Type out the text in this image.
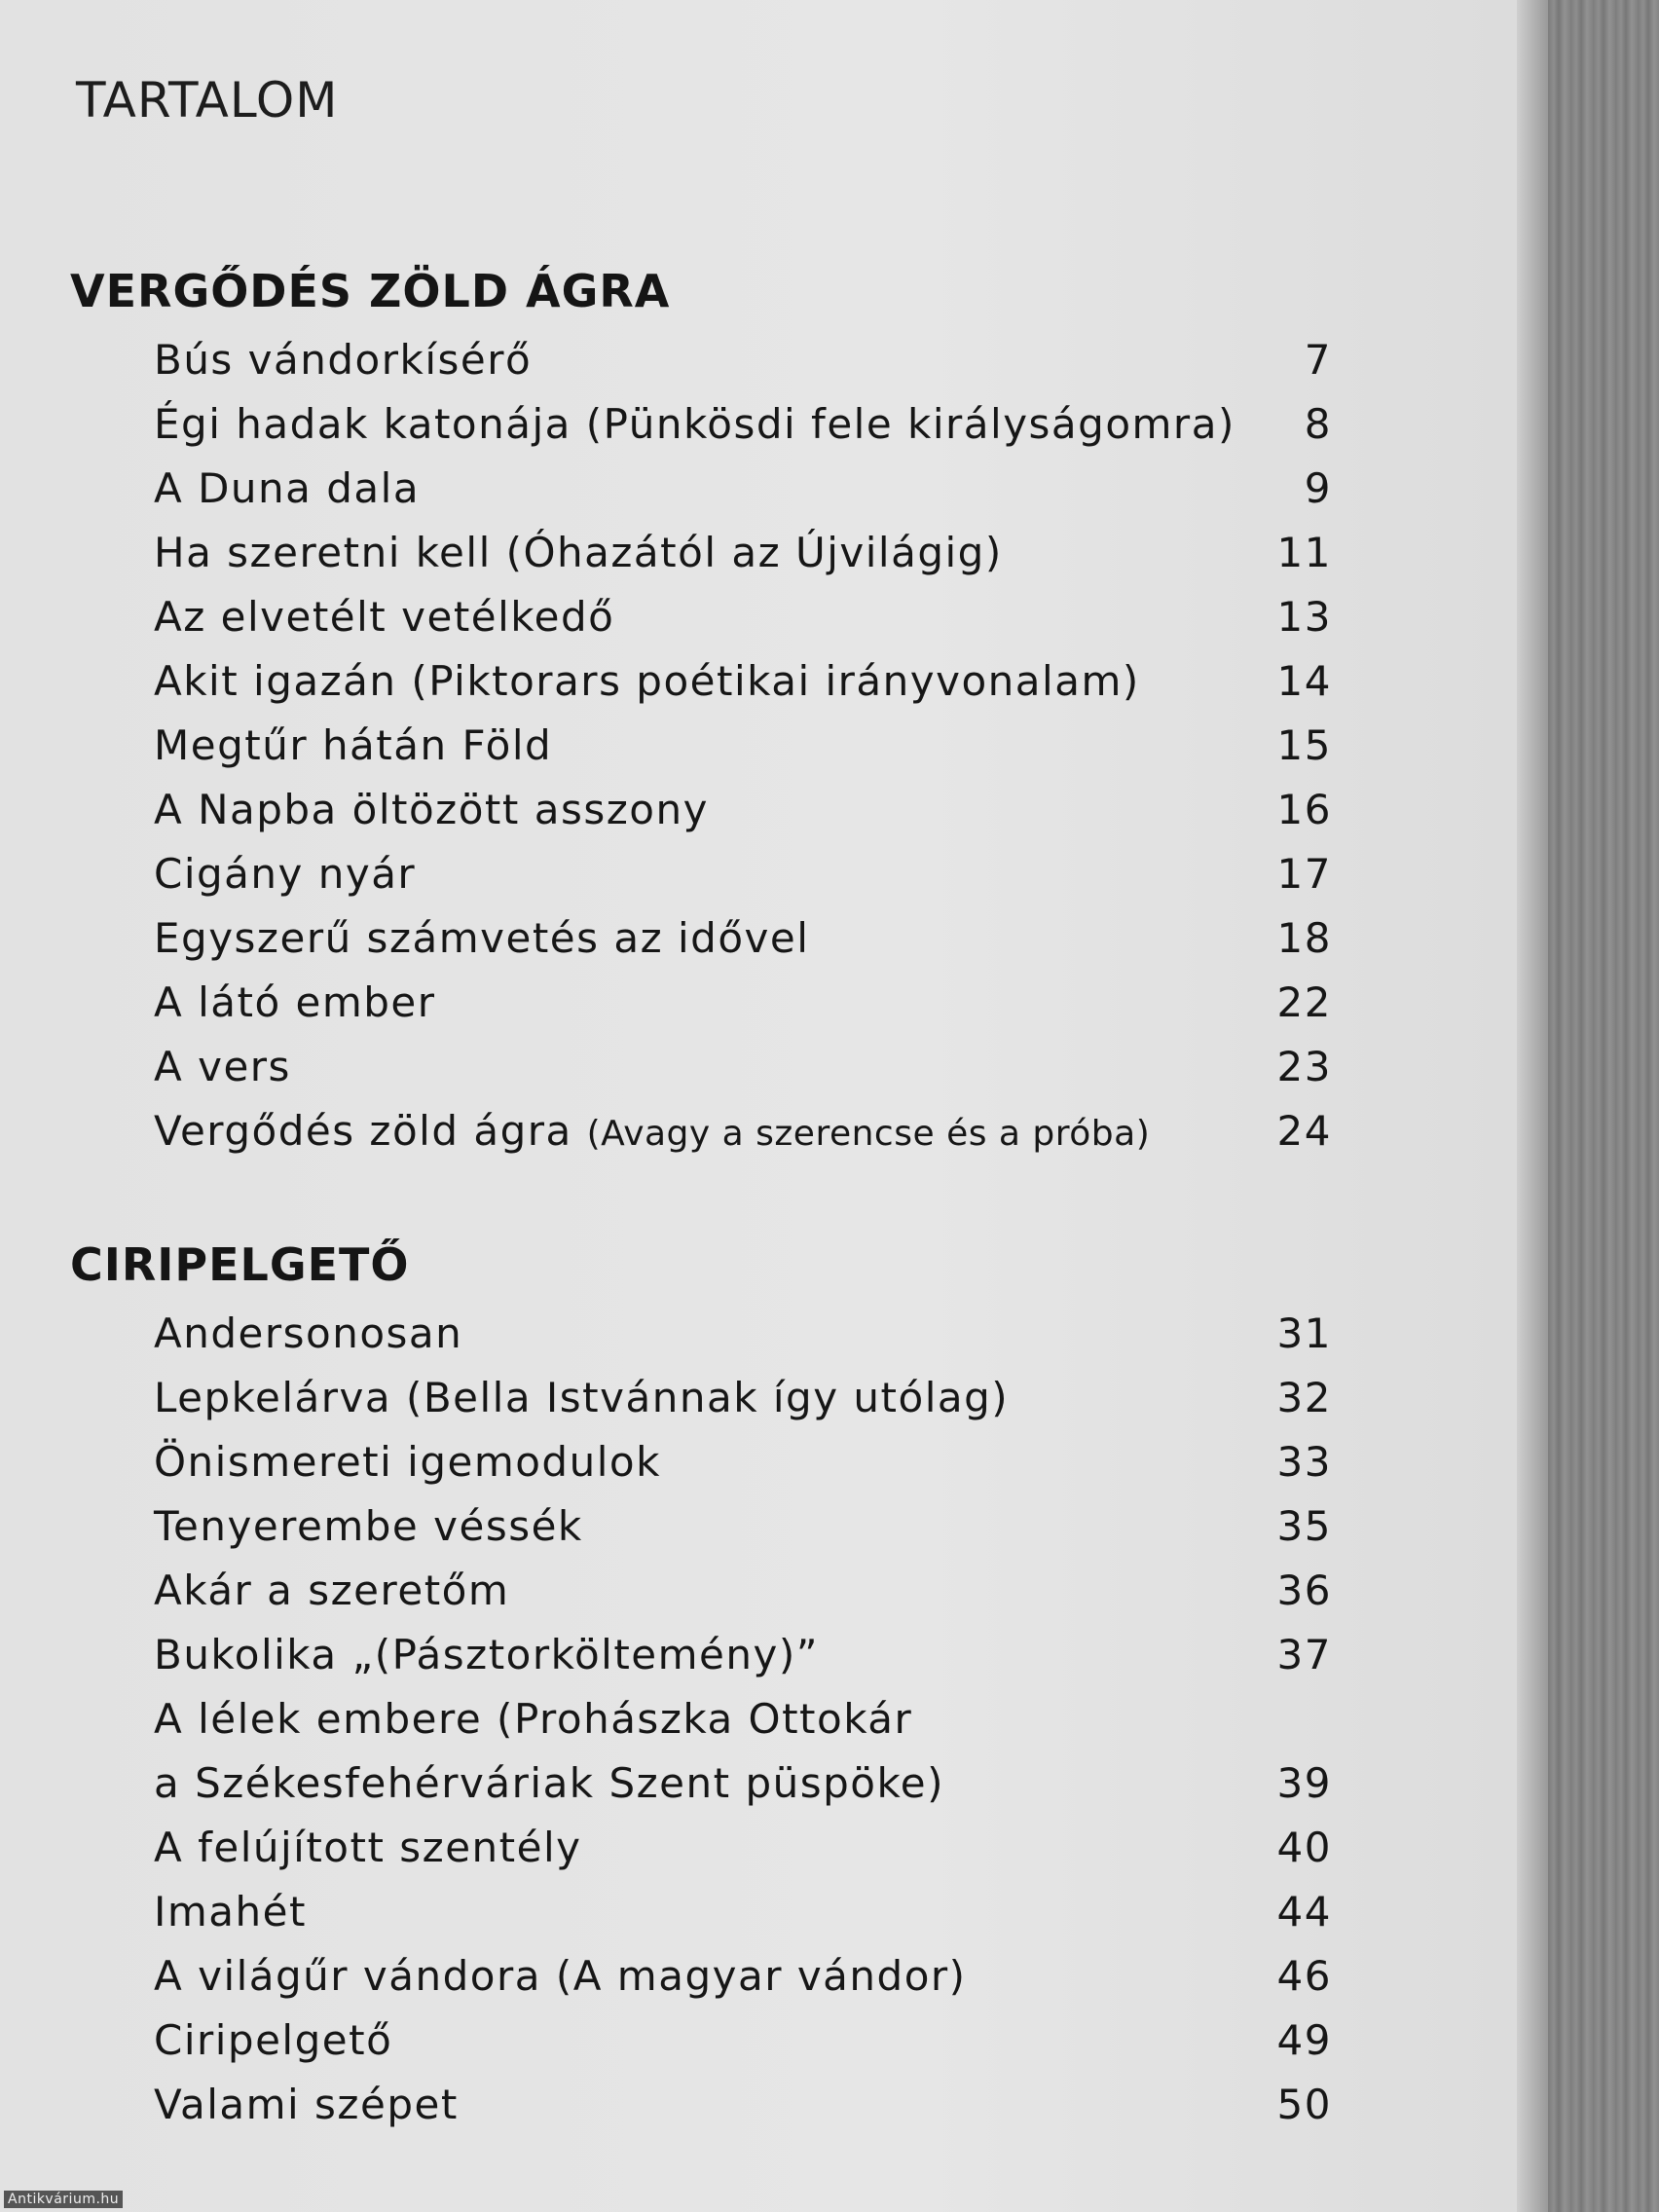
TARTALOM
VERGŐDÉS ZÖLD ÁGRA
Bús vándorkísérő	7
Égi hadak katonája (Pünkösdi fele királyságomra) 8
A Duna dala	9
Ha szeretni kell (Óhazától az Újvilágig)	11
Az elvetélt vetélkedő	13
Akit igazán (Piktorars poétikai irányvonalam)	14
Megtűr hátán Föld	15
A Napba öltözött asszony	16
Cigány nyár	17
Egyszerű számvetés az idővel	18
A látó ember	22
A vers	23
Vergődés zöld ágra (Avagy a szerencse és a próba)	24
CIRIPELGETŐ
Andersonosan	31
Lepkelárva (Bella Istvánnak így utólag)	32
Önismereti igemodulok	33
Tenyerembe véssék	35
Akár a szeretőm	36
Bukolika „(Pásztorköltemény)”	37
A lélek embere (Prohászka Ottokár
a Székesfehérváriak Szent püspöke)	39
A felújított szentély	40
Imahét	44
A világűr vándora (A magyar vándor)	46
Ciripelgető	49
Valami szépet	50
Antikvárium.hu
